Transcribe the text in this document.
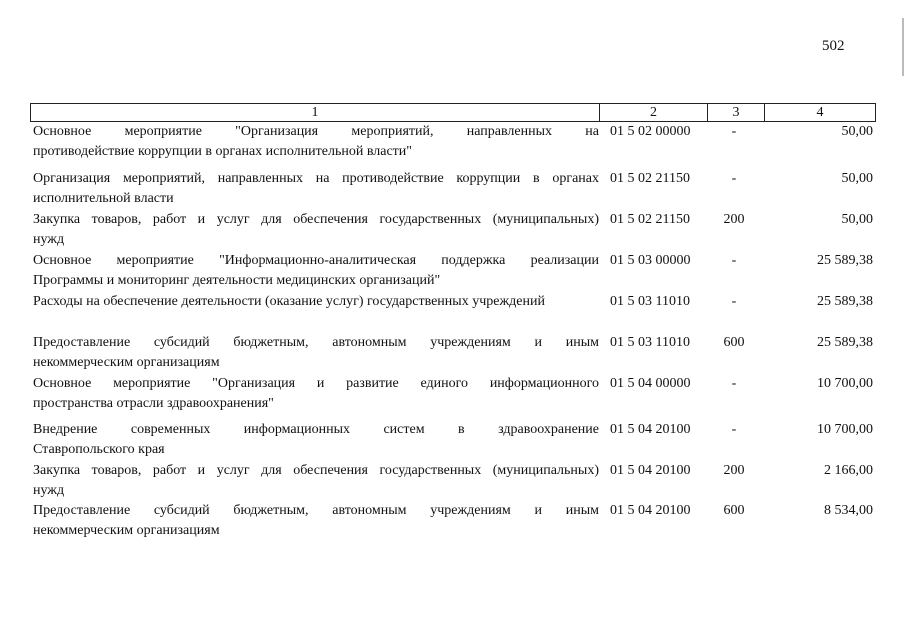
502
1	2	3	4
Основное мероприятие "Организация мероприятий, направленных на
противодействие коррупции в органах исполнительной власти"
01 5 02 00000	-	50,00
Организация мероприятий, направленных на противодействие коррупции в органах
исполнительной власти
01 5 02 21150	-	50,00
Закупка товаров, работ и услуг для обеспечения государственных (муниципальных)
нужд
01 5 02 21150	200	50,00
Основное мероприятие "Информационно-аналитическая поддержка реализации
Программы и мониторинг деятельности медицинских организаций"
01 5 03 00000	-	25 589,38
Расходы на обеспечение деятельности (оказание услуг) государственных учреждений	01 5 03 11010	-	25 589,38
Предоставление субсидий бюджетным, автономным учреждениям и иным
некоммерческим организациям
01 5 03 11010	600	25 589,38
Основное мероприятие "Организация и развитие единого информационного
пространства отрасли здравоохранения"
01 5 04 00000	-	10 700,00
Внедрение современных информационных систем в здравоохранение
Ставропольского края
01 5 04 20100	-	10 700,00
Закупка товаров, работ и услуг для обеспечения государственных (муниципальных)
нужд
01 5 04 20100	200	2 166,00
Предоставление субсидий бюджетным, автономным учреждениям и иным
некоммерческим организациям
01 5 04 20100	600	8 534,00
